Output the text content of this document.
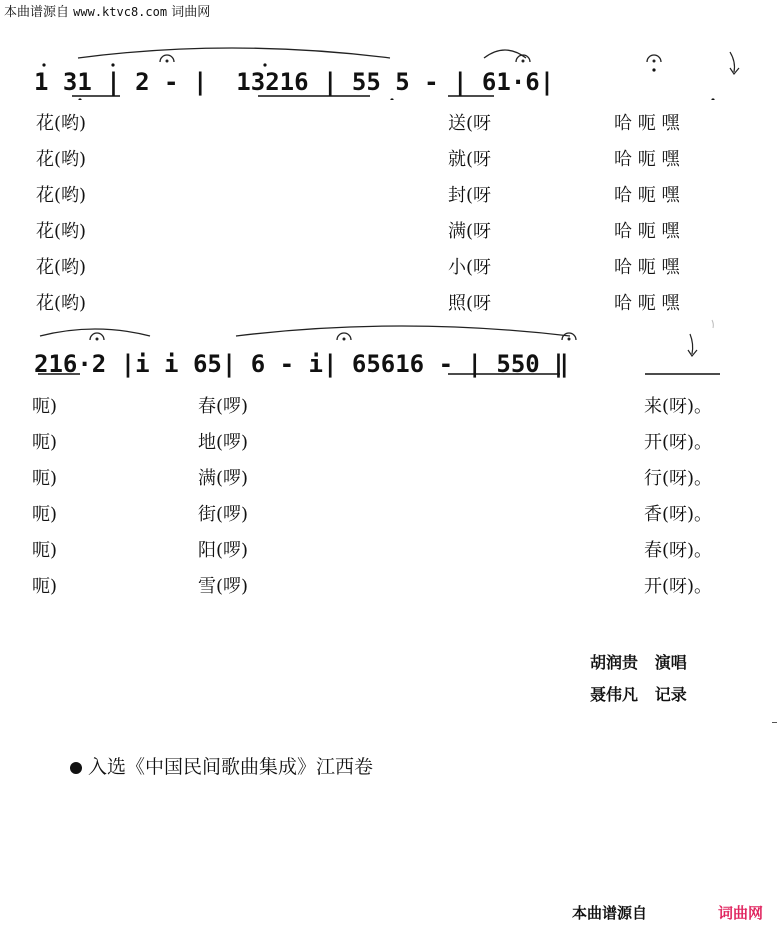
本曲谱源自 www.ktvc8.com 词曲网
1 31 | 2 - |  13216 | 55 5 - | 61·6|
花(哟)	送(呀	哈 呃 嘿
花(哟)	就(呀	哈 呃 嘿
花(哟)	封(呀	哈 呃 嘿
花(哟)	满(呀	哈 呃 嘿
花(哟)	小(呀	哈 呃 嘿
花(哟)	照(呀	哈 呃 嘿
216·2 |i i 65| 6 - i| 65616 - | 550 ‖
呃)	春(啰)	来(呀)。
呃)	地(啰)	开(呀)。
呃)	满(啰)	行(呀)。
呃)	街(啰)	香(呀)。
呃)	阳(啰)	春(呀)。
呃)	雪(啰)	开(呀)。
胡润贵 演唱
聂伟凡 记录
入选《中国民间歌曲集成》江西卷
本曲谱源自	词曲网
